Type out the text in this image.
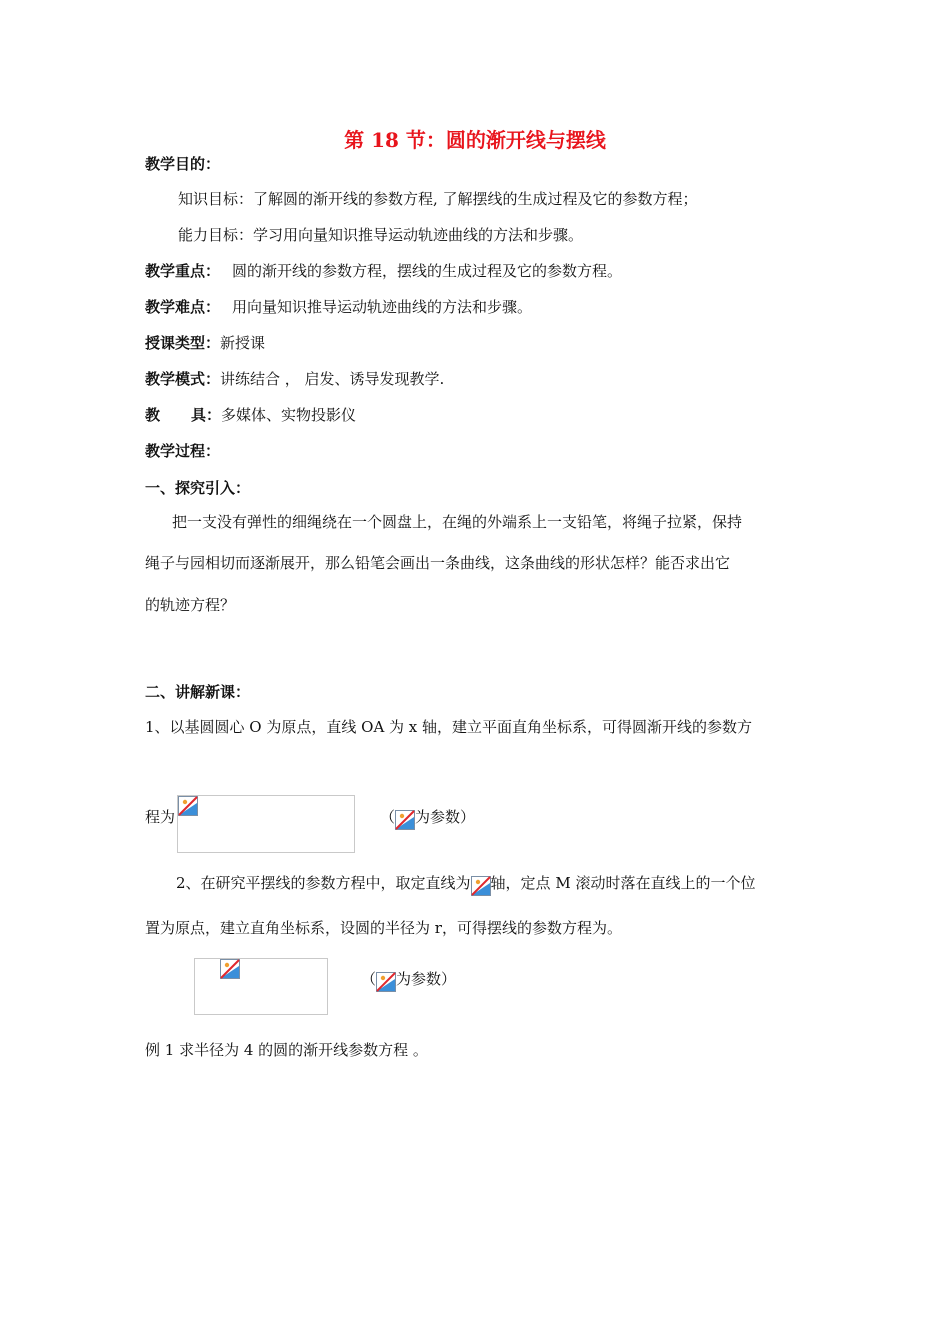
第 18 节：圆的渐开线与摆线
教学目的：
知识目标：了解圆的渐开线的参数方程, 了解摆线的生成过程及它的参数方程；
能力目标：学习用向量知识推导运动轨迹曲线的方法和步骤。
教学重点： 圆的渐开线的参数方程，摆线的生成过程及它的参数方程。
教学难点： 用向量知识推导运动轨迹曲线的方法和步骤。
授课类型：新授课
教学模式：讲练结合 ， 启发、诱导发现教学.
教 具：多媒体、实物投影仪
教学过程：
一、探究引入：
把一支没有弹性的细绳绕在一个圆盘上，在绳的外端系上一支铅笔，将绳子拉紧，保持
绳子与园相切而逐渐展开，那么铅笔会画出一条曲线，这条曲线的形状怎样？能否求出它
的轨迹方程？
二、讲解新课：
1、以基圆圆心 O 为原点，直线 OA 为 x 轴，建立平面直角坐标系，可得圆渐开线的参数方
程为
	（ 为参数）
2、在研究平摆线的参数方程中，取定直线为 轴，定点 M 滚动时落在直线上的一个位
置为原点，建立直角坐标系，设圆的半径为 r，可得摆线的参数方程为。
（ 为参数）
例 1 求半径为 4 的圆的渐开线参数方程 。
